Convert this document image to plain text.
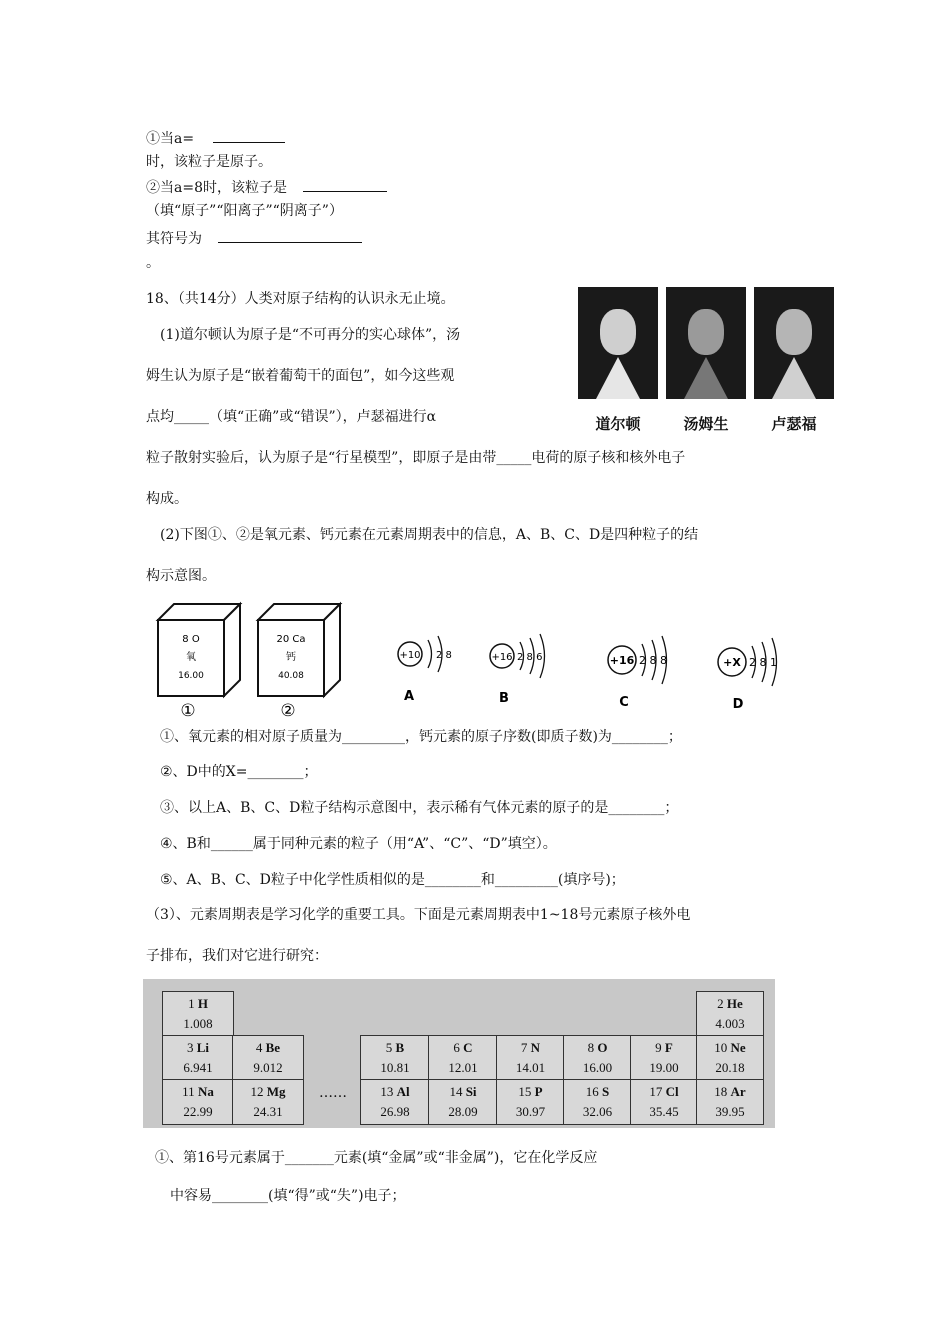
①当a=
时，该粒子是原子。
②当a=8时，该粒子是
（填“原子”“阳离子”“阴离子”）
其符号为
。
18、（共14分）人类对原子结构的认识永无止境。
(1)道尔顿认为原子是“不可再分的实心球体”，汤
姆生认为原子是“嵌着葡萄干的面包”，如今这些观
点均_____（填“正确”或“错误”），卢瑟福进行α
粒子散射实验后，认为原子是“行星模型”，即原子是由带_____电荷的原子核和核外电子
构成。
道尔顿	汤姆生	卢瑟福
(2)下图①、②是氧元素、钙元素在元素周期表中的信息，A、B、C、D是四种粒子的结
构示意图。
8 O
氧
16.00
①
20 Ca
钙
40.08
②
+10 2 8
A
+16 2 8 6
B
+16 2 8 8
C
+X 2 8 1
D
①、氧元素的相对原子质量为_________，钙元素的原子序数(即质子数)为________；
②、D中的X=________；
③、以上A、B、C、D粒子结构示意图中，表示稀有气体元素的原子的是________；
④、B和______属于同种元素的粒子（用“A”、“C”、“D”填空）。
⑤、A、B、C、D粒子中化学性质相似的是________和_________(填序号)；
（3）、元素周期表是学习化学的重要工具。下面是元素周期表中1~18号元素原子核外电
子排布，我们对它进行研究：
1 H
1.008
2 He
4.003
3 Li
6.941
4 Be
9.012
5 B
10.81
6 C
12.01
7 N
14.01
8 O
16.00
9 F
19.00
10 Ne
20.18
11 Na
22.99
12 Mg
24.31
13 Al
26.98
14 Si
28.09
15 P
30.97
16 S
32.06
17 Cl
35.45
18 Ar
39.95
……
①、第16号元素属于_______元素(填“金属”或“非金属”)，它在化学反应
中容易________(填“得”或“失”)电子；
